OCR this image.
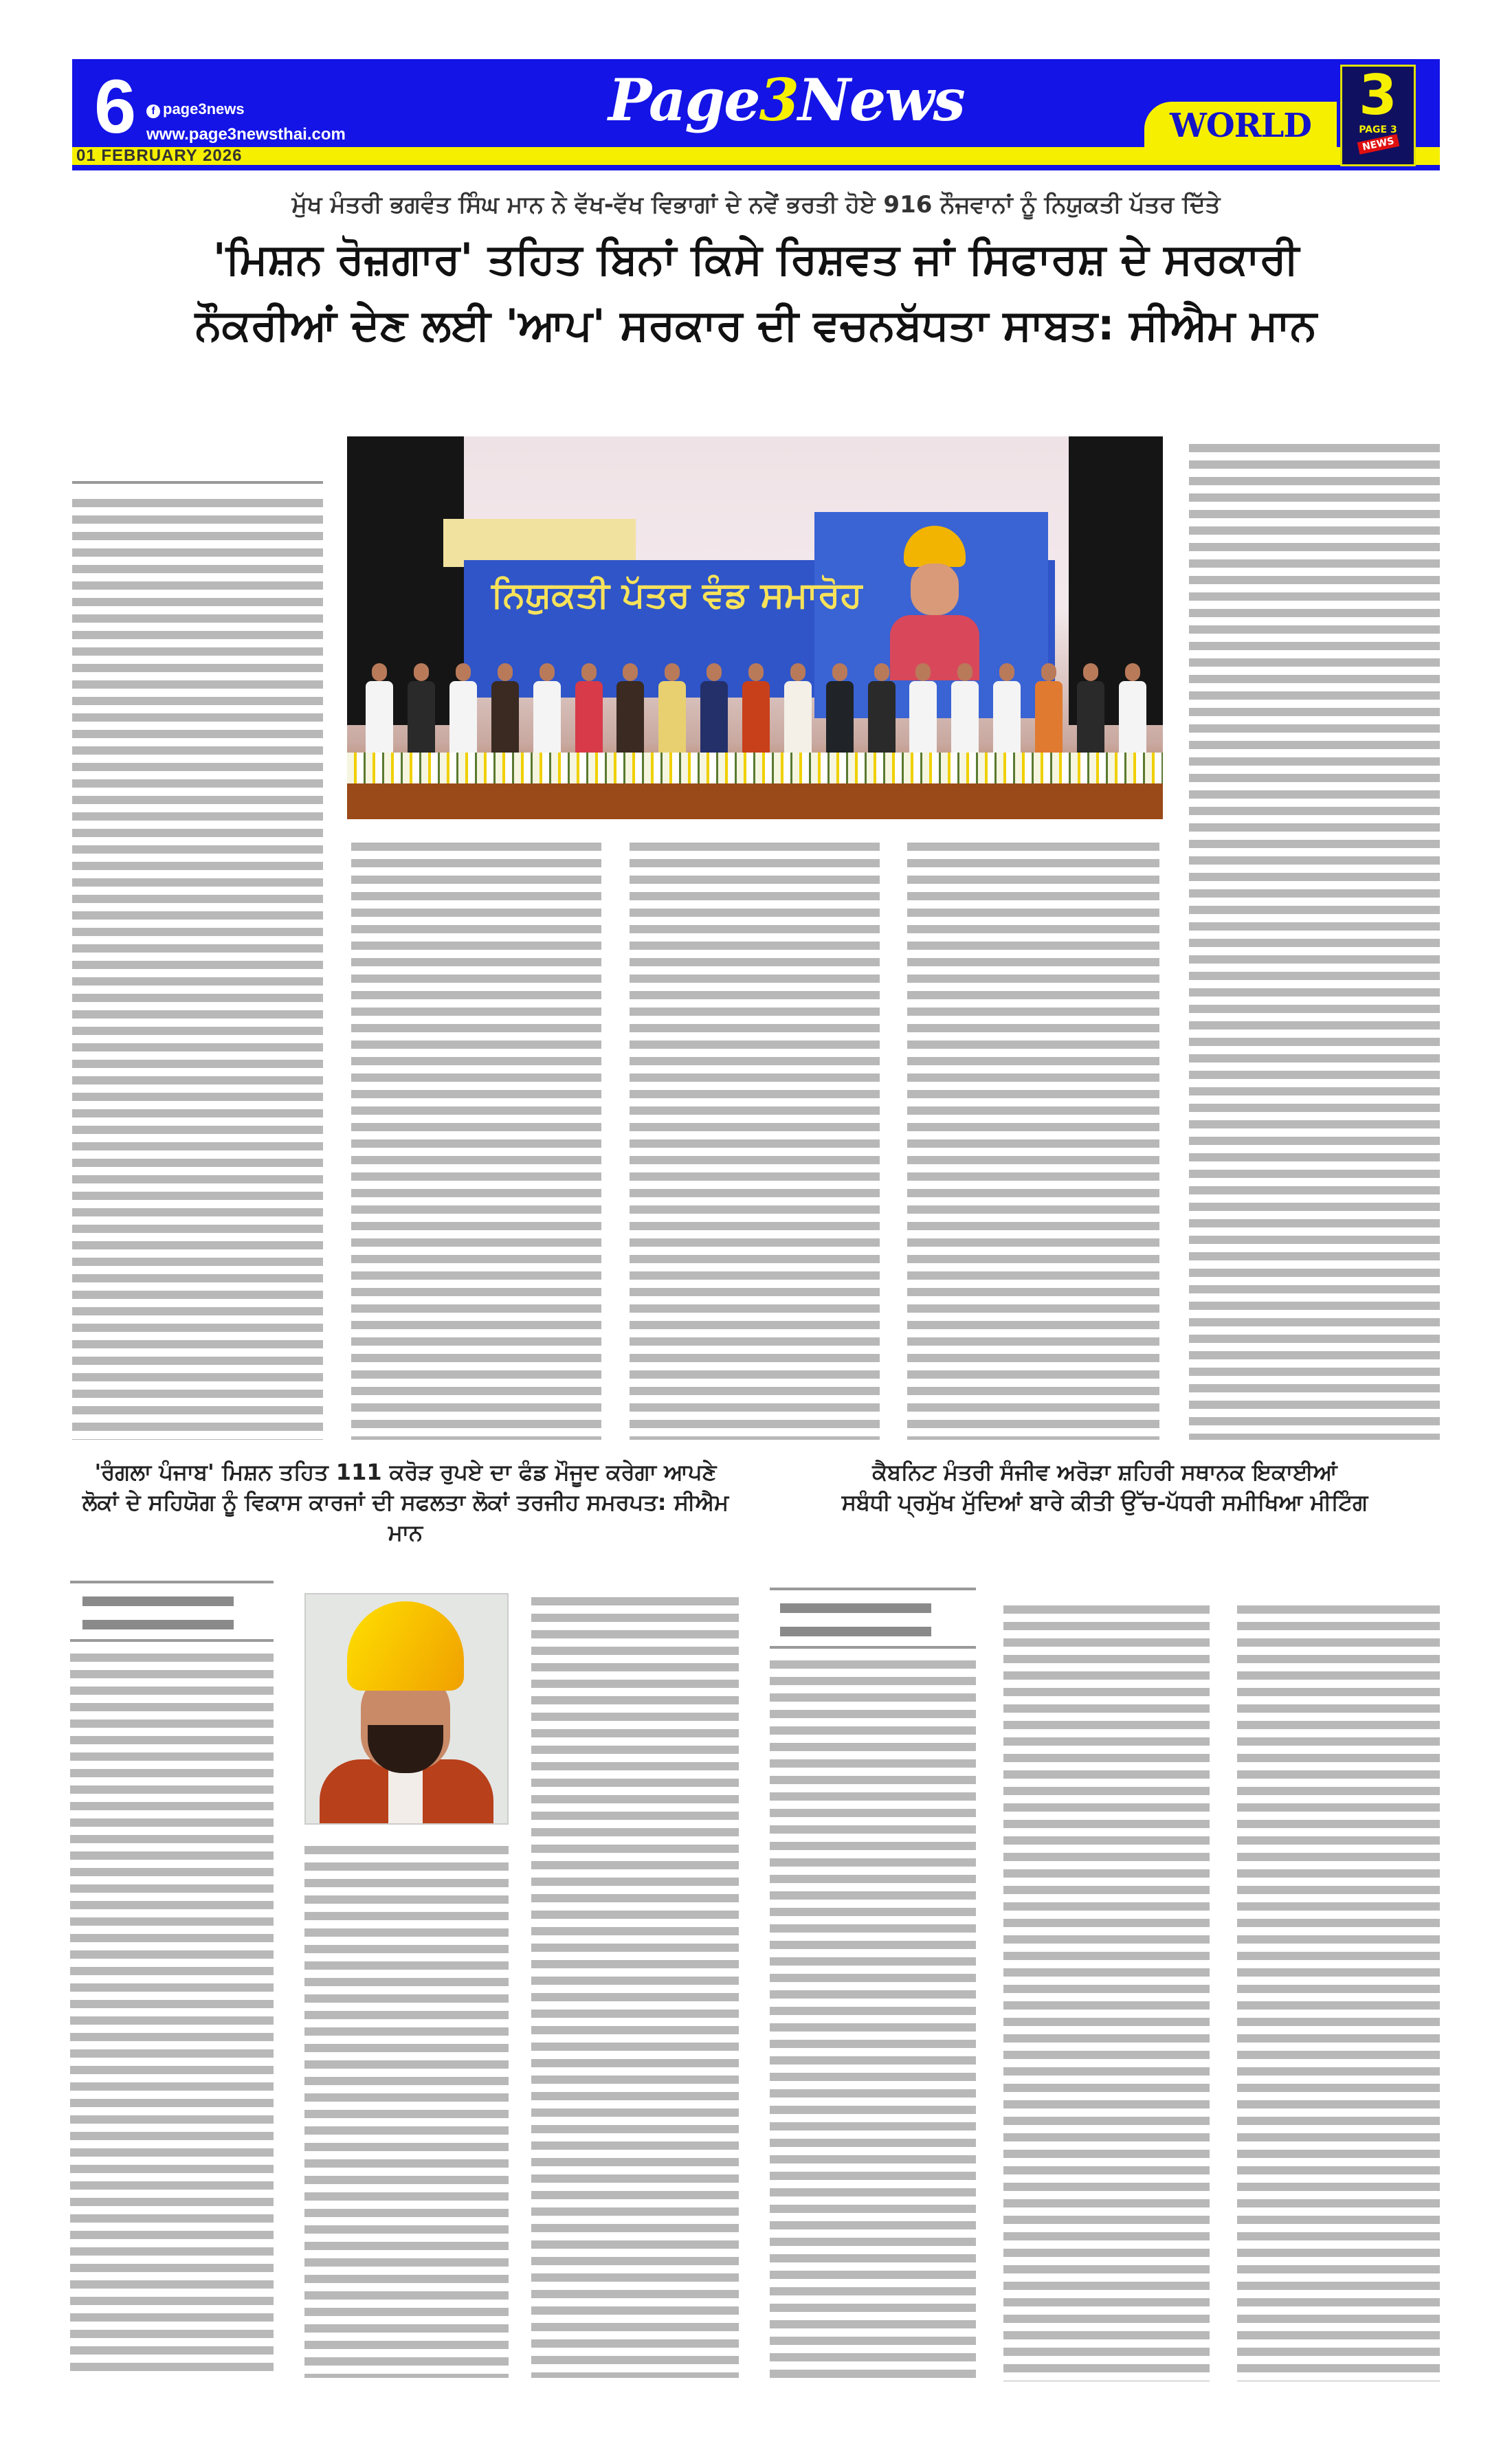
6	f page3news
www.page3newsthai.com
01 FEBRUARY 2026
Page3News	WORLD 3
PAGE 3
NEWS
ਮੁੱਖ ਮੰਤਰੀ ਭਗਵੰਤ ਸਿੰਘ ਮਾਨ ਨੇ ਵੱਖ-ਵੱਖ ਵਿਭਾਗਾਂ ਦੇ ਨਵੇਂ ਭਰਤੀ ਹੋਏ 916 ਨੌਜਵਾਨਾਂ ਨੂੰ ਨਿਯੁਕਤੀ ਪੱਤਰ ਦਿੱਤੇ
'ਮਿਸ਼ਨ ਰੋਜ਼ਗਾਰ' ਤਹਿਤ ਬਿਨਾਂ ਕਿਸੇ ਰਿਸ਼ਵਤ ਜਾਂ ਸਿਫਾਰਸ਼ ਦੇ ਸਰਕਾਰੀ
ਨੌਕਰੀਆਂ ਦੇਣ ਲਈ 'ਆਪ' ਸਰਕਾਰ ਦੀ ਵਚਨਬੱਧਤਾ ਸਾਬਤ: ਸੀਐਮ ਮਾਨ
ਨਿਯੁਕਤੀ ਪੱਤਰ ਵੰਡ ਸਮਾਰੋਹ
'ਰੰਗਲਾ ਪੰਜਾਬ' ਮਿਸ਼ਨ ਤਹਿਤ 111 ਕਰੋੜ ਰੁਪਏ ਦਾ ਫੰਡ ਮੌਜੂਦ ਕਰੇਗਾ ਆਪਣੇ
ਲੋਕਾਂ ਦੇ ਸਹਿਯੋਗ ਨੂੰ ਵਿਕਾਸ ਕਾਰਜਾਂ ਦੀ ਸਫਲਤਾ ਲੋਕਾਂ ਤਰਜੀਹ ਸਮਰਪਤ: ਸੀਐਮ ਮਾਨ
ਕੈਬਨਿਟ ਮੰਤਰੀ ਸੰਜੀਵ ਅਰੋੜਾ ਸ਼ਹਿਰੀ ਸਥਾਨਕ ਇਕਾਈਆਂ
ਸਬੰਧੀ ਪ੍ਰਮੁੱਖ ਮੁੱਦਿਆਂ ਬਾਰੇ ਕੀਤੀ ਉੱਚ-ਪੱਧਰੀ ਸਮੀਖਿਆ ਮੀਟਿੰਗ
